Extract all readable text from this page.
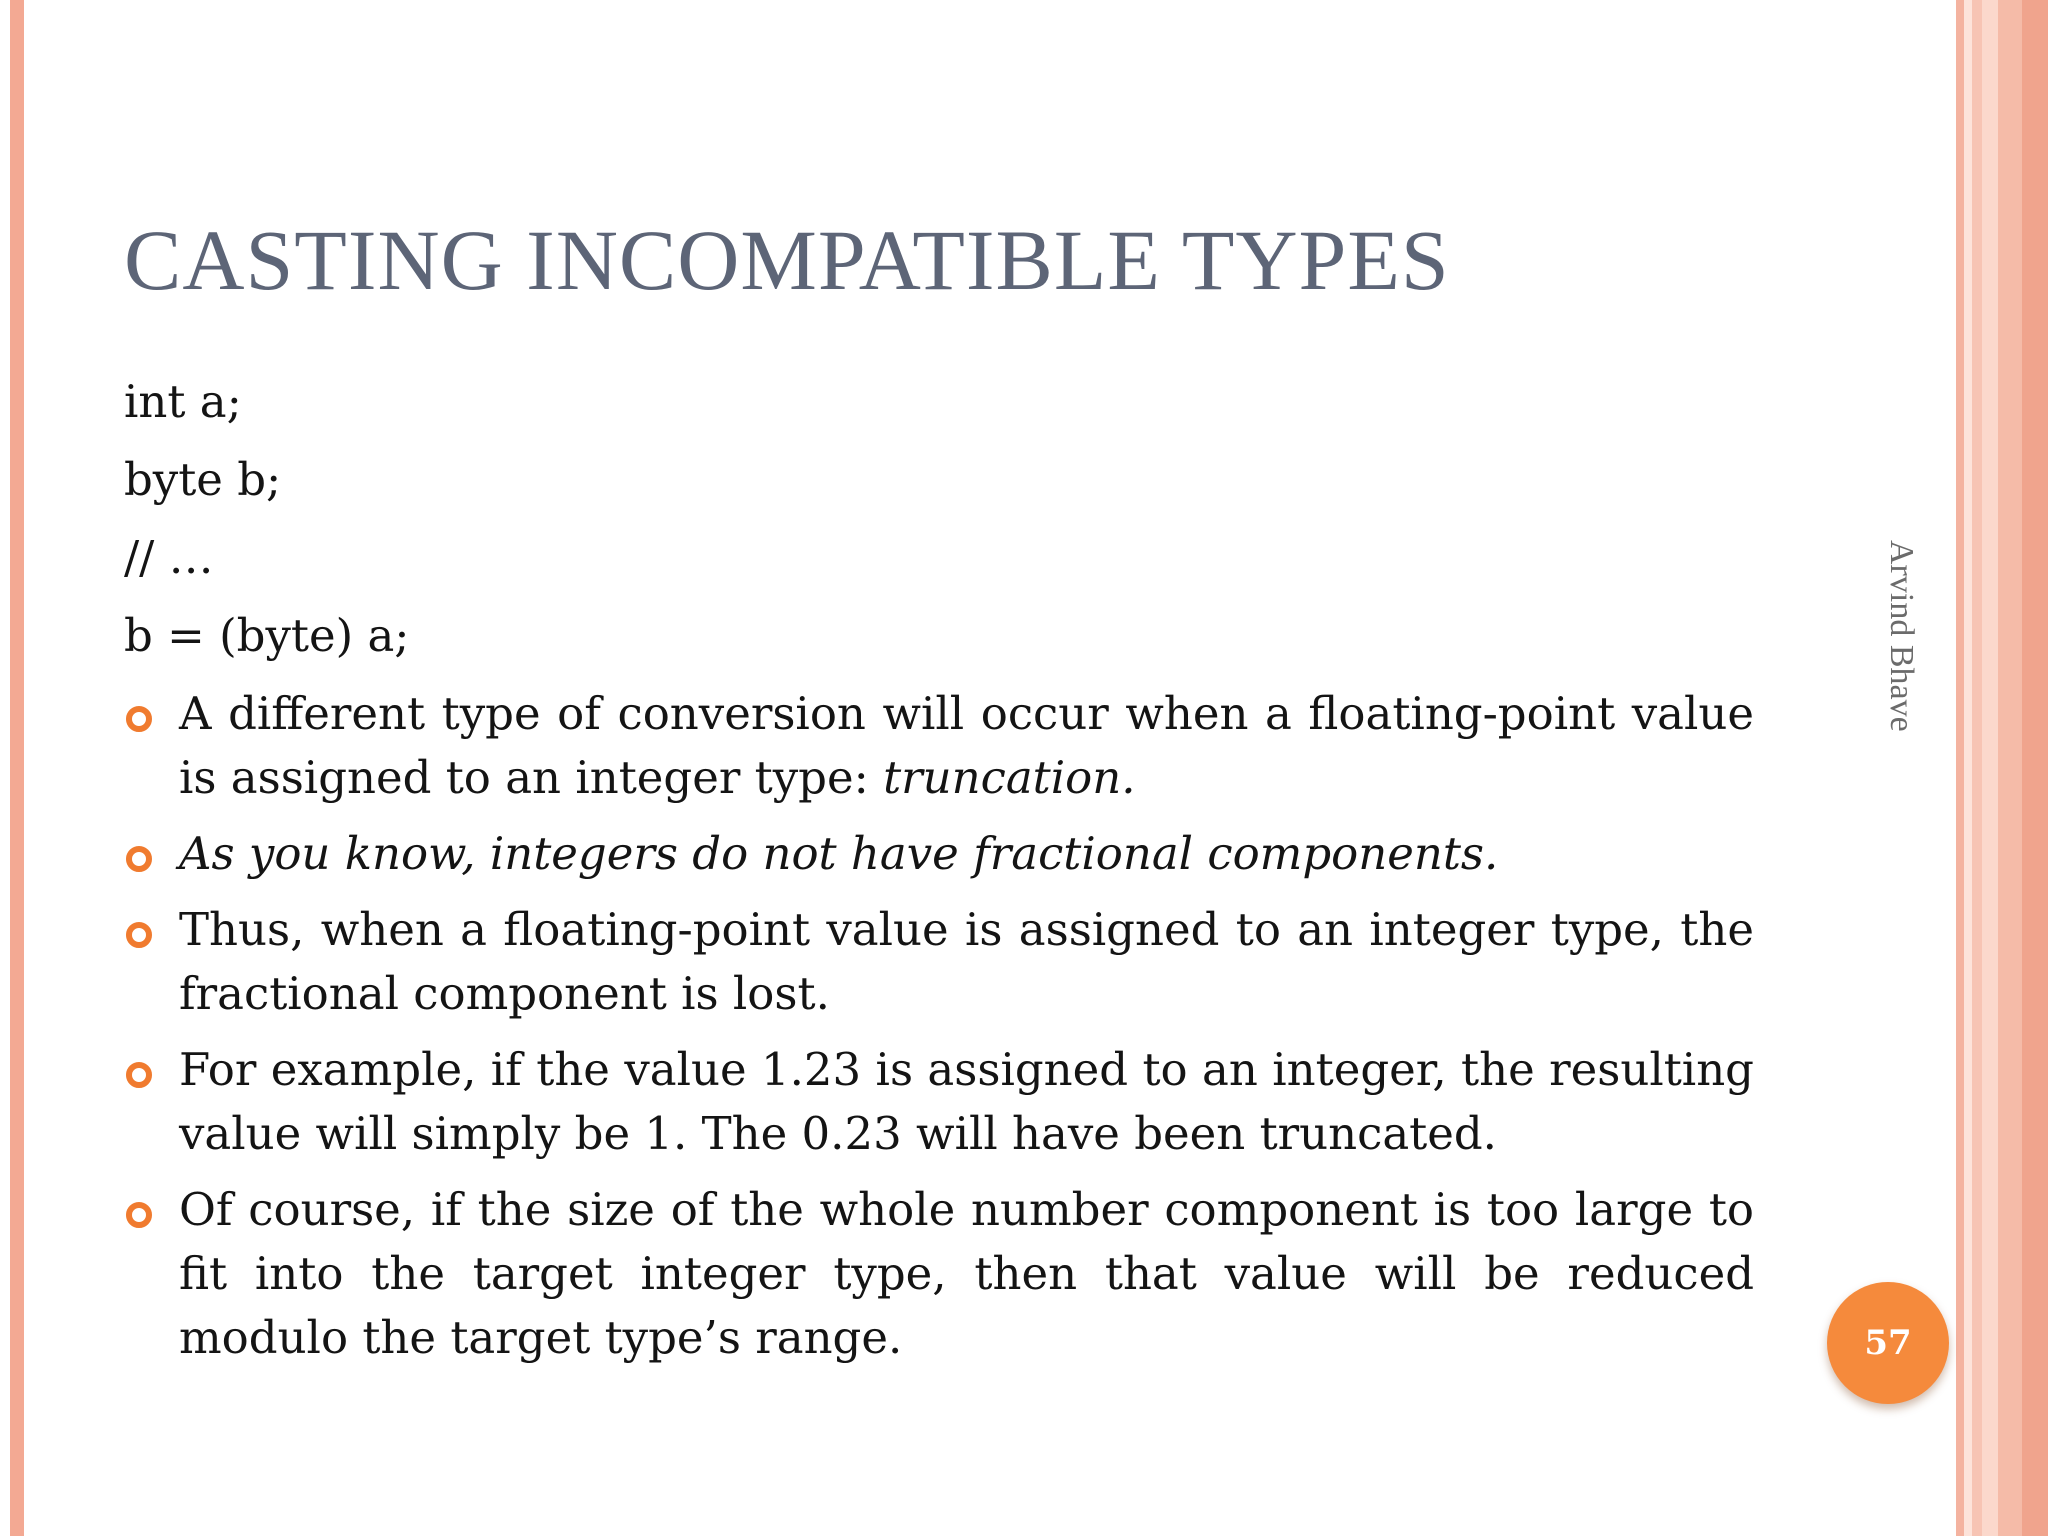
CASTING INCOMPATIBLE TYPES

int a;

byte b;

// …

b = (byte) a;

A different type of conversion will occur when a floating-point value is assigned to an integer type: truncation.
As you know, integers do not have fractional components.
Thus, when a floating-point value is assigned to an integer type, the fractional component is lost.
For example, if the value 1.23 is assigned to an integer, the resulting value will simply be 1. The 0.23 will have been truncated.
Of course, if the size of the whole number component is too large to fit into the target integer type, then that value will be reduced modulo the target type’s range.
Arvind Bhave
57
